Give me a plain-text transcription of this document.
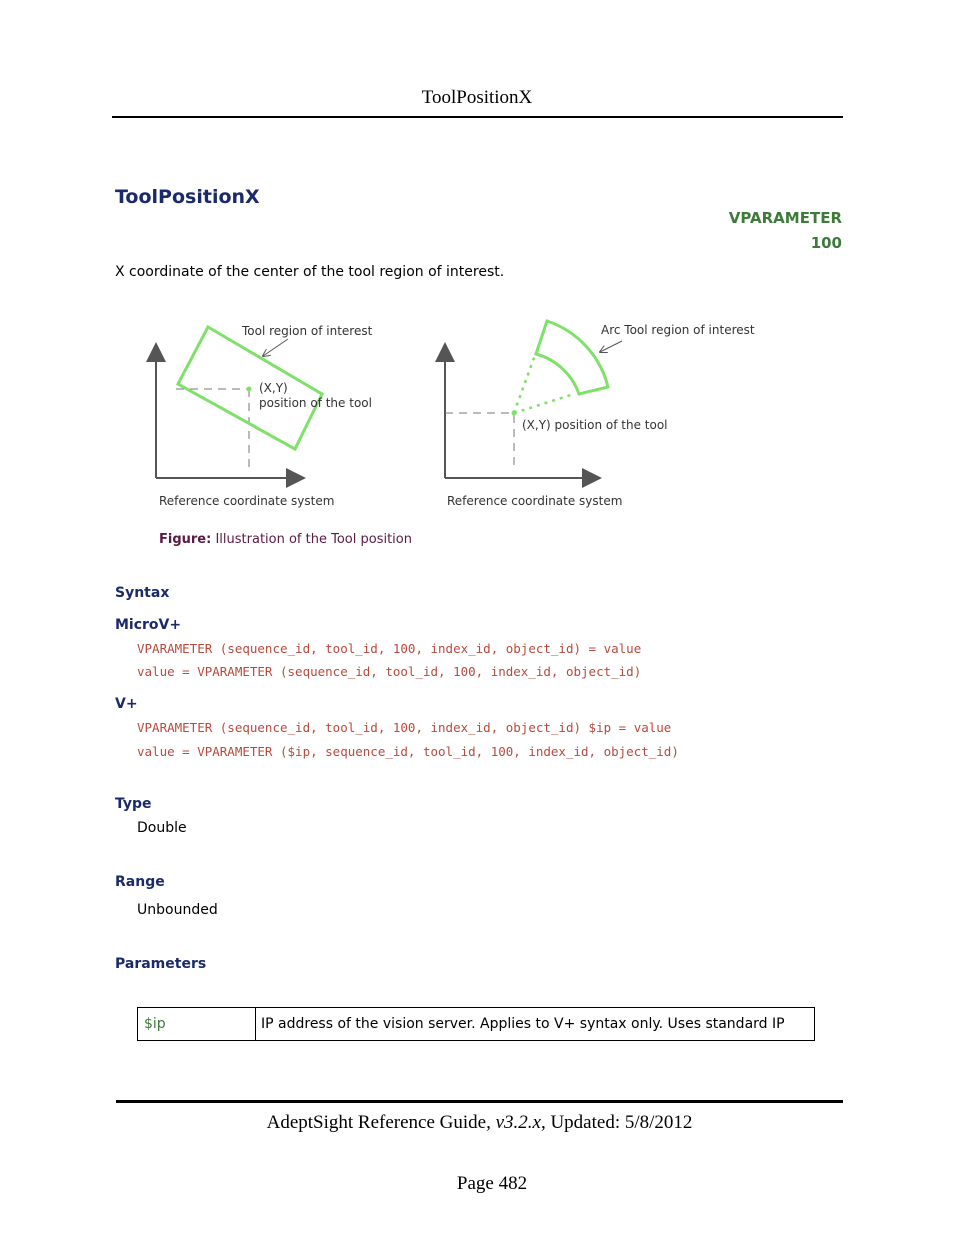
ToolPositionX
ToolPositionX
VPARAMETER
100
X coordinate of the center of the tool region of interest.
Tool region of interest
(X,Y)
position of the tool
Reference coordinate system
Arc Tool region of interest
(X,Y) position of the tool
Reference coordinate system
Figure: Illustration of the Tool position
Syntax
MicroV+
VPARAMETER (sequence_id, tool_id, 100, index_id, object_id) = value
value = VPARAMETER (sequence_id, tool_id, 100, index_id, object_id)
V+
VPARAMETER (sequence_id, tool_id, 100, index_id, object_id) $ip = value
value = VPARAMETER ($ip, sequence_id, tool_id, 100, index_id, object_id)
Type
Double
Range
Unbounded
Parameters
$ip	IP address of the vision server. Applies to V+ syntax only. Uses standard IP
AdeptSight Reference Guide, v3.2.x, Updated: 5/8/2012
Page 482
